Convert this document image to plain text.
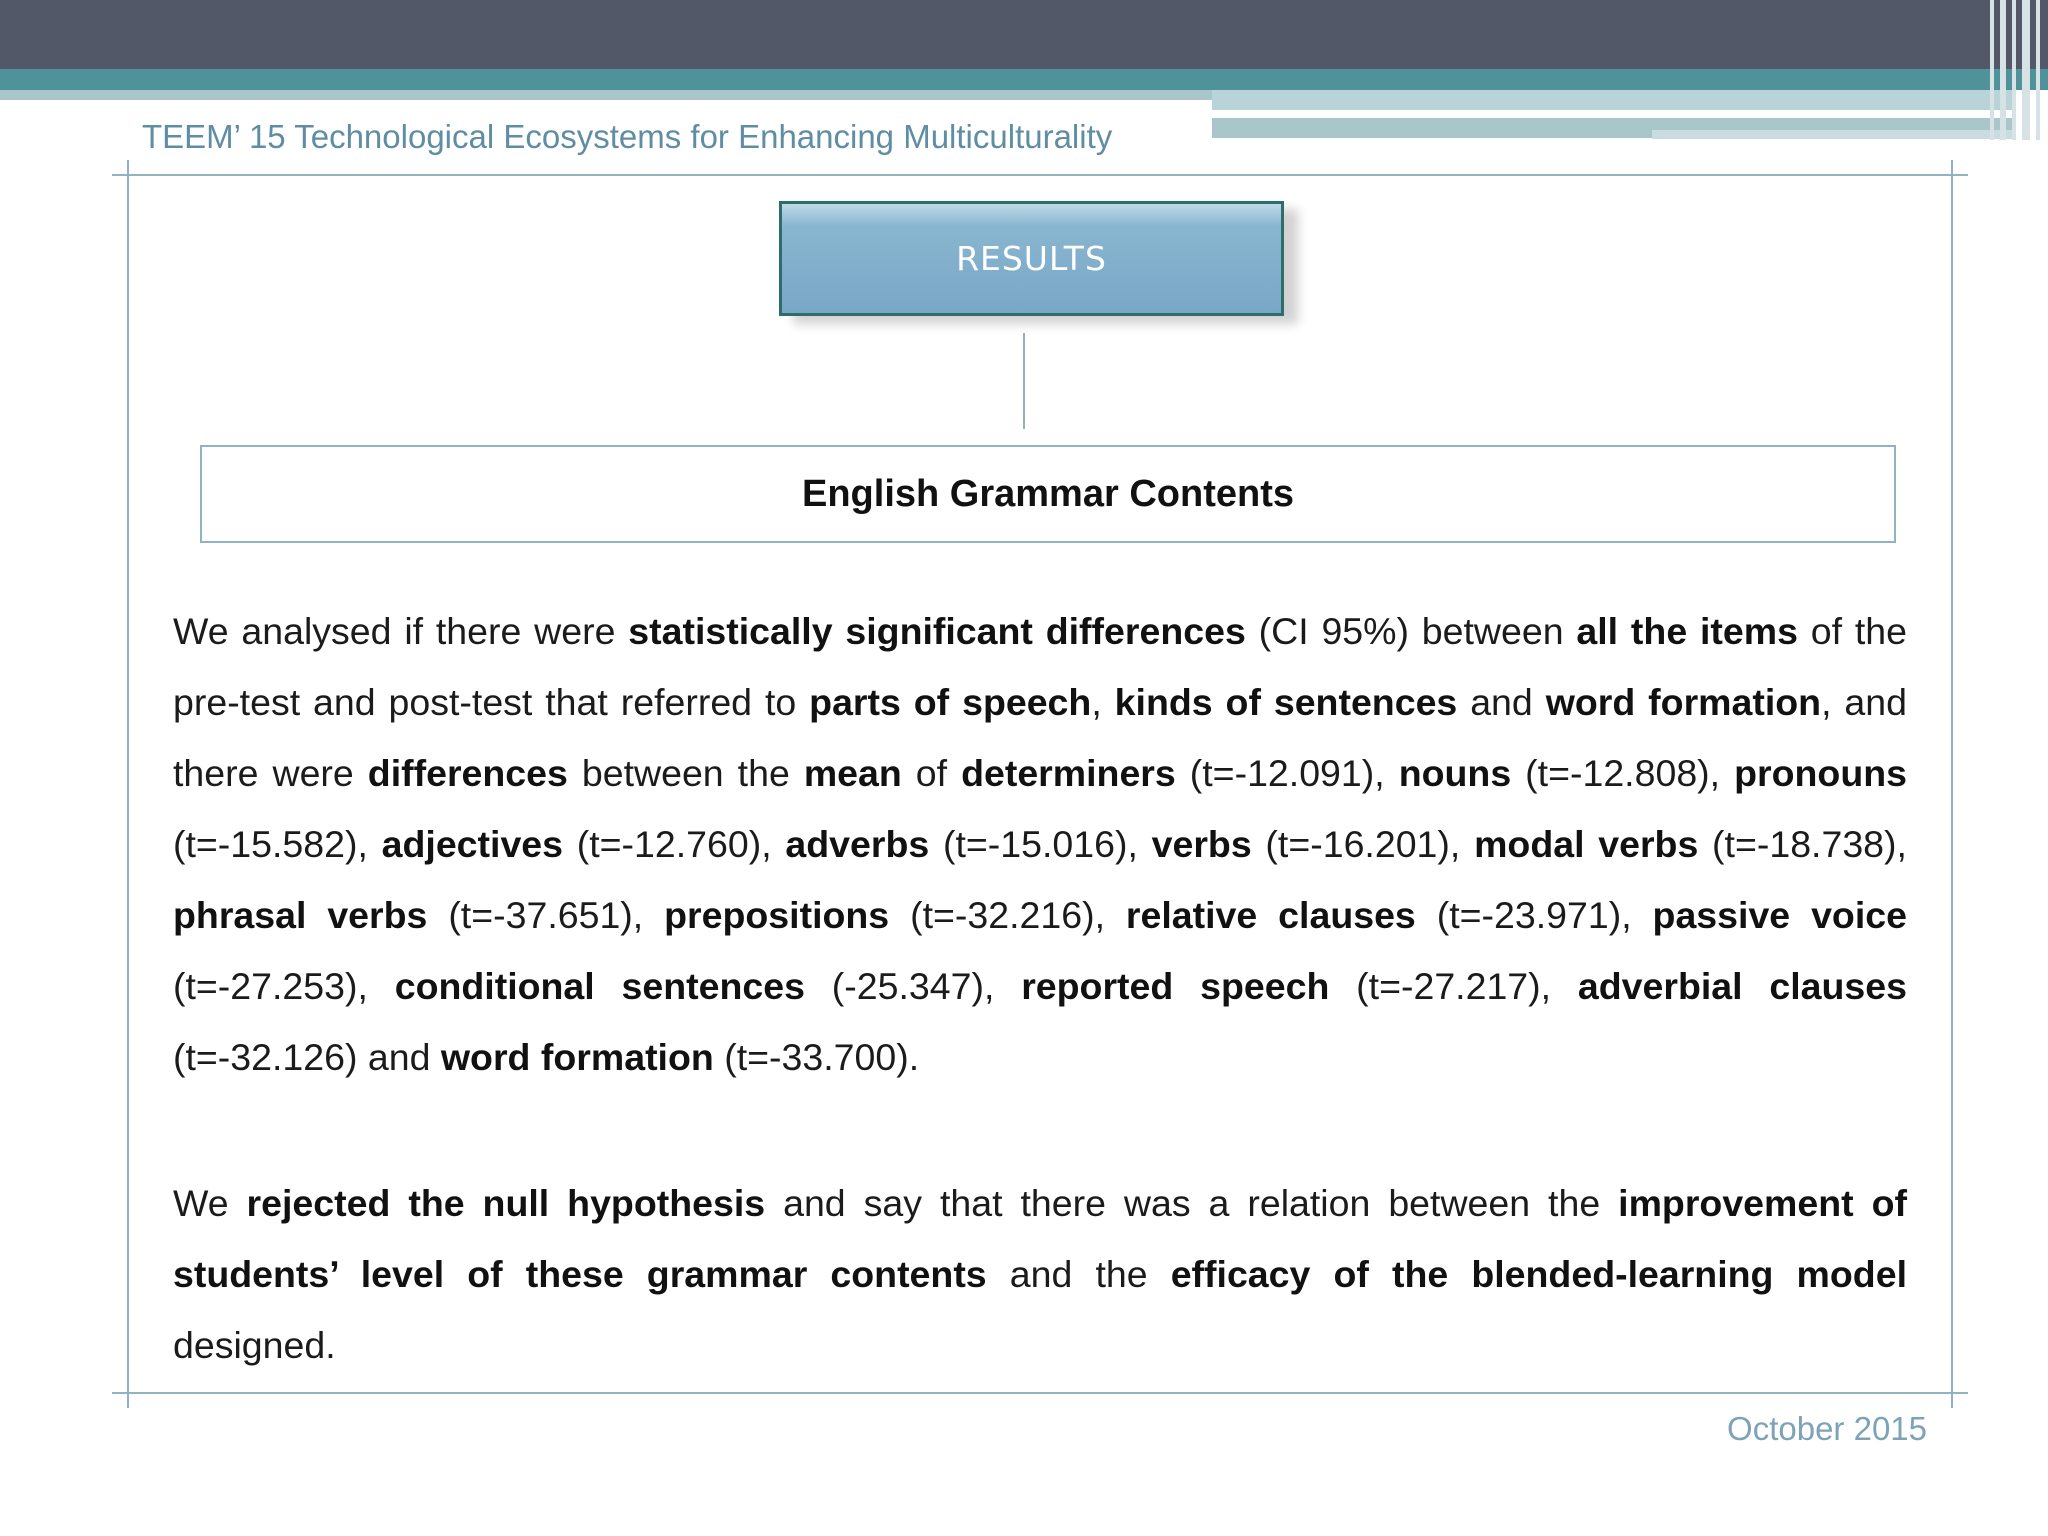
TEEM’ 15 Technological Ecosystems for Enhancing Multiculturality
RESULTS
English Grammar Contents
We analysed if there were statistically significant differences (CI 95%) between all the items of the pre-test and post-test that referred to parts of speech, kinds of sentences and word formation, and there were differences between the mean of determiners (t=-12.091), nouns (t=-12.808), pronouns (t=-15.582), adjectives (t=-12.760), adverbs (t=-15.016), verbs (t=-16.201), modal verbs (t=-18.738), phrasal verbs (t=-37.651), prepositions (t=-32.216), relative clauses (t=-23.971), passive voice (t=-27.253), conditional sentences (-25.347), reported speech (t=-27.217), adverbial clauses (t=-32.126) and word formation (t=-33.700).
We rejected the null hypothesis and say that there was a relation between the improvement of students’ level of these grammar contents and the efficacy of the blended-learning model designed.
October 2015
